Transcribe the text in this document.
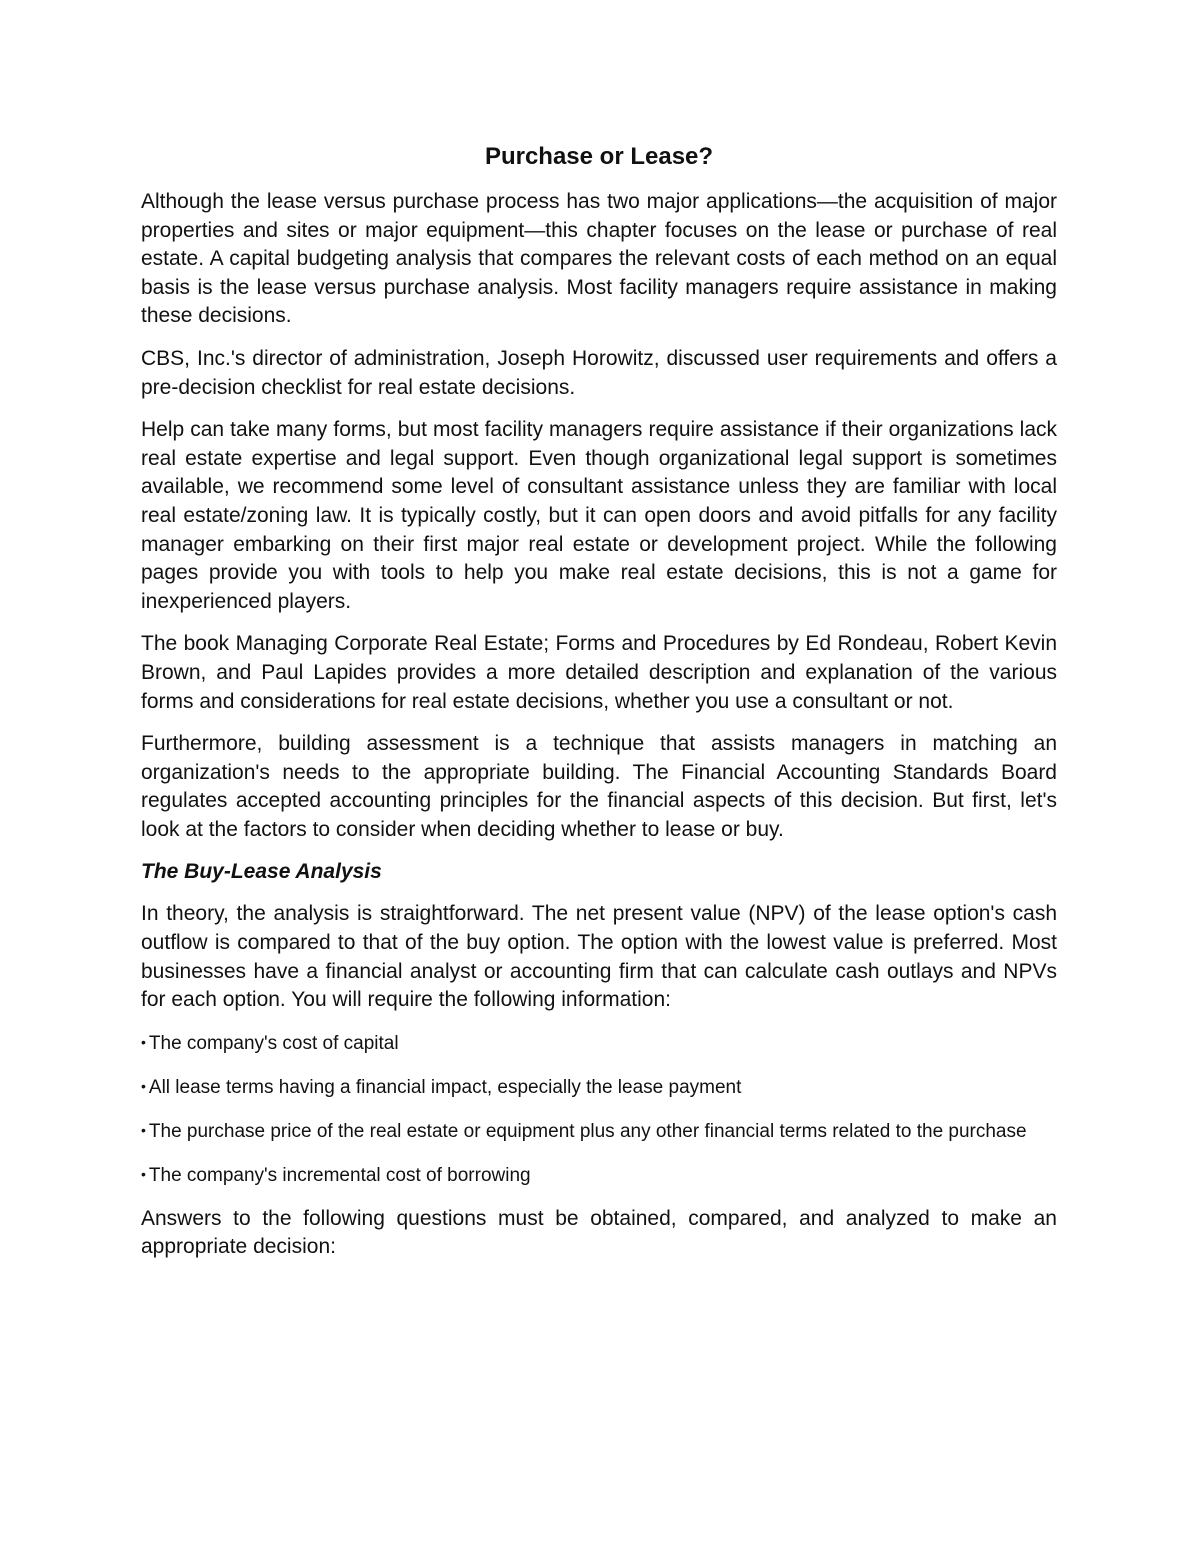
Purchase or Lease?

Although the lease versus purchase process has two major applications—the acquisition of major properties and sites or major equipment—this chapter focuses on the lease or purchase of real estate. A capital budgeting analysis that compares the relevant costs of each method on an equal basis is the lease versus purchase analysis. Most facility managers require assistance in making these decisions.

CBS, Inc.'s director of administration, Joseph Horowitz, discussed user requirements and offers a pre-decision checklist for real estate decisions.

Help can take many forms, but most facility managers require assistance if their organizations lack real estate expertise and legal support. Even though organizational legal support is sometimes available, we recommend some level of consultant assistance unless they are familiar with local real estate/zoning law. It is typically costly, but it can open doors and avoid pitfalls for any facility manager embarking on their first major real estate or development project. While the following pages provide you with tools to help you make real estate decisions, this is not a game for inexperienced players.

The book Managing Corporate Real Estate; Forms and Procedures by Ed Rondeau, Robert Kevin Brown, and Paul Lapides provides a more detailed description and explanation of the various forms and considerations for real estate decisions, whether you use a consultant or not.

Furthermore, building assessment is a technique that assists managers in matching an organization's needs to the appropriate building. The Financial Accounting Standards Board regulates accepted accounting principles for the financial aspects of this decision. But first, let's look at the factors to consider when deciding whether to lease or buy.

The Buy-Lease Analysis

In theory, the analysis is straightforward. The net present value (NPV) of the lease option's cash outflow is compared to that of the buy option. The option with the lowest value is preferred. Most businesses have a financial analyst or accounting firm that can calculate cash outlays and NPVs for each option. You will require the following information:

• The company's cost of capital
• All lease terms having a financial impact, especially the lease payment
• The purchase price of the real estate or equipment plus any other financial terms related to the purchase
• The company's incremental cost of borrowing

Answers to the following questions must be obtained, compared, and analyzed to make an appropriate decision:
